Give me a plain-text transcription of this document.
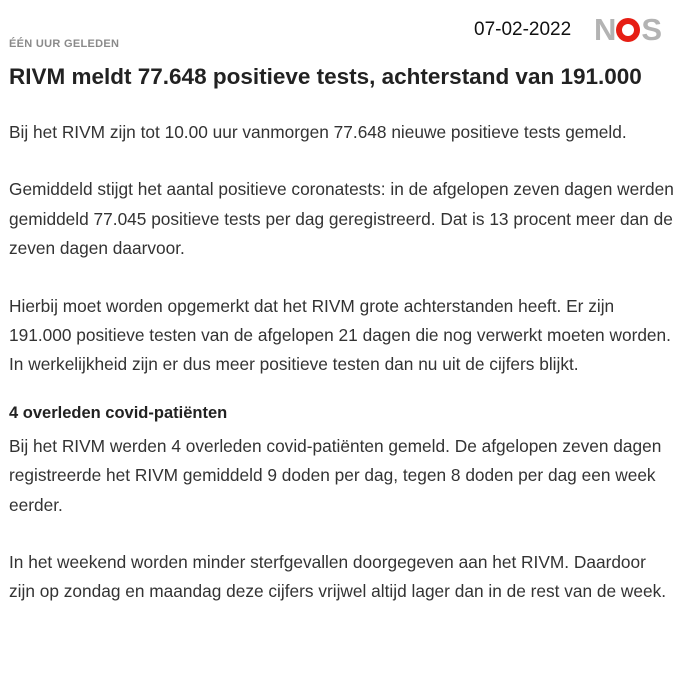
ÉÉN UUR GELEDEN
07-02-2022 N S
RIVM meldt 77.648 positieve tests, achterstand van 191.000

Bij het RIVM zijn tot 10.00 uur vanmorgen 77.648 nieuwe positieve tests gemeld.

Gemiddeld stijgt het aantal positieve coronatests: in de afgelopen zeven dagen werden gemiddeld 77.045 positieve tests per dag geregistreerd. Dat is 13 procent meer dan de zeven dagen daarvoor.

Hierbij moet worden opgemerkt dat het RIVM grote achterstanden heeft. Er zijn 191.000 positieve testen van de afgelopen 21 dagen die nog verwerkt moeten worden. In werkelijkheid zijn er dus meer positieve testen dan nu uit de cijfers blijkt.

4 overleden covid-patiënten

Bij het RIVM werden 4 overleden covid-patiënten gemeld. De afgelopen zeven dagen registreerde het RIVM gemiddeld 9 doden per dag, tegen 8 doden per dag een week eerder.

In het weekend worden minder sterfgevallen doorgegeven aan het RIVM. Daardoor zijn op zondag en maandag deze cijfers vrijwel altijd lager dan in de rest van de week.
